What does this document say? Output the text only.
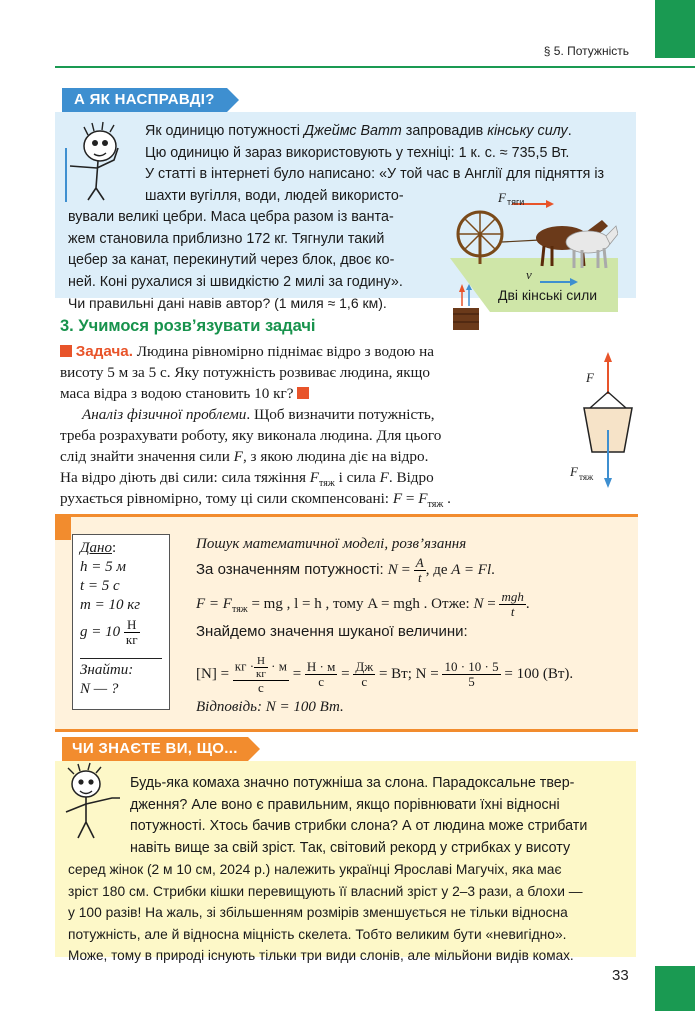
§ 5. Потужність
А ЯК НАСПРАВДІ?
Як одиницю потужності Джеймс Ватт запровадив кінську силу.
Цю одиницю й зараз використовують у техніці: 1 к. с. ≈ 735,5 Вт.
У статті в інтернеті було написано: «У той час в Англії для підняття із
шахти вугілля, води, людей використо-
вували великі цебри. Маса цебра разом із вантa-
жем становила приблизно 172 кг. Тягнули такий
цебер за канат, перекинутий через блок, двоє ко-
ней. Коні рухалися зі швидкістю 2 милі за годину».
Чи правильні дані навів автор? (1 миля ≈ 1,6 км).
F тяги
v
Дві кінські сили
3. Учимося розв’язувати задачі
Задача. Людина рівномірно піднімає відро з водою на
висоту 5 м за 5 с. Яку потужність розвиває людина, якщо
маса відра з водою становить 10 кг?
Аналіз фізичної проблеми. Щоб визначити потужність,
треба розрахувати роботу, яку виконала людина. Для цього
слід знайти значення сили F, з якою людина діє на відро.
На відро діють дві сили: сила тяжіння $F_{тяж}$ і сила F. Відро
рухається рівномірно, тому ці сили скомпенсовані: $F = F_{тяж}$ .
F
F тяж
Дано:
h = 5 м
t = 5 с
m = 10 кг
$g = 10 \frac{Н}{кг}$
Знайти:
N — ?
Пошук математичної моделі, розв’язання
За означенням потужності: $N = \frac{A}{t}$ , де A = Fl.
$F = F_{тяж}$ = mg , l = h , тому A = mgh . Отже: $N = \frac{\text{mgh}}{t}$ .
Знайдемо значення шуканої величини:
$[N] = \frac{кг \cdot \frac{Н}{кг} \cdot м}{с} = \frac{Н \cdot м}{с} = \frac{Дж}{с}$ = Вт; $N = \frac{10 \cdot 10 \cdot 5}{5} = 100$ (Вт).
Відповідь: N = 100 Вт.
ЧИ ЗНАЄТЕ ВИ, ЩО...
Будь-яка комаха значно потужніша за слона. Парадоксальне твер-
дження? Але воно є правильним, якщо порівнювати їхні відносні
потужності. Хтось бачив стрибки слона? А от людина може стрибати
навіть вище за свій зріст. Так, світовий рекорд у стрибках у висоту
серед жінок (2 м 10 см, 2024 р.) належить українці Ярославі Магучіх, яка має
зріст 180 см. Стрибки кішки перевищують її власний зріст у 2–3 рази, а блохи —
у 100 разів! На жаль, зі збільшенням розмірів зменшується не тільки відносна
потужність, але й відносна міцність скелета. Тобто великим бути «невигідно».
Може, тому в природі існують тільки три види слонів, але мільйони видів комах.
33
